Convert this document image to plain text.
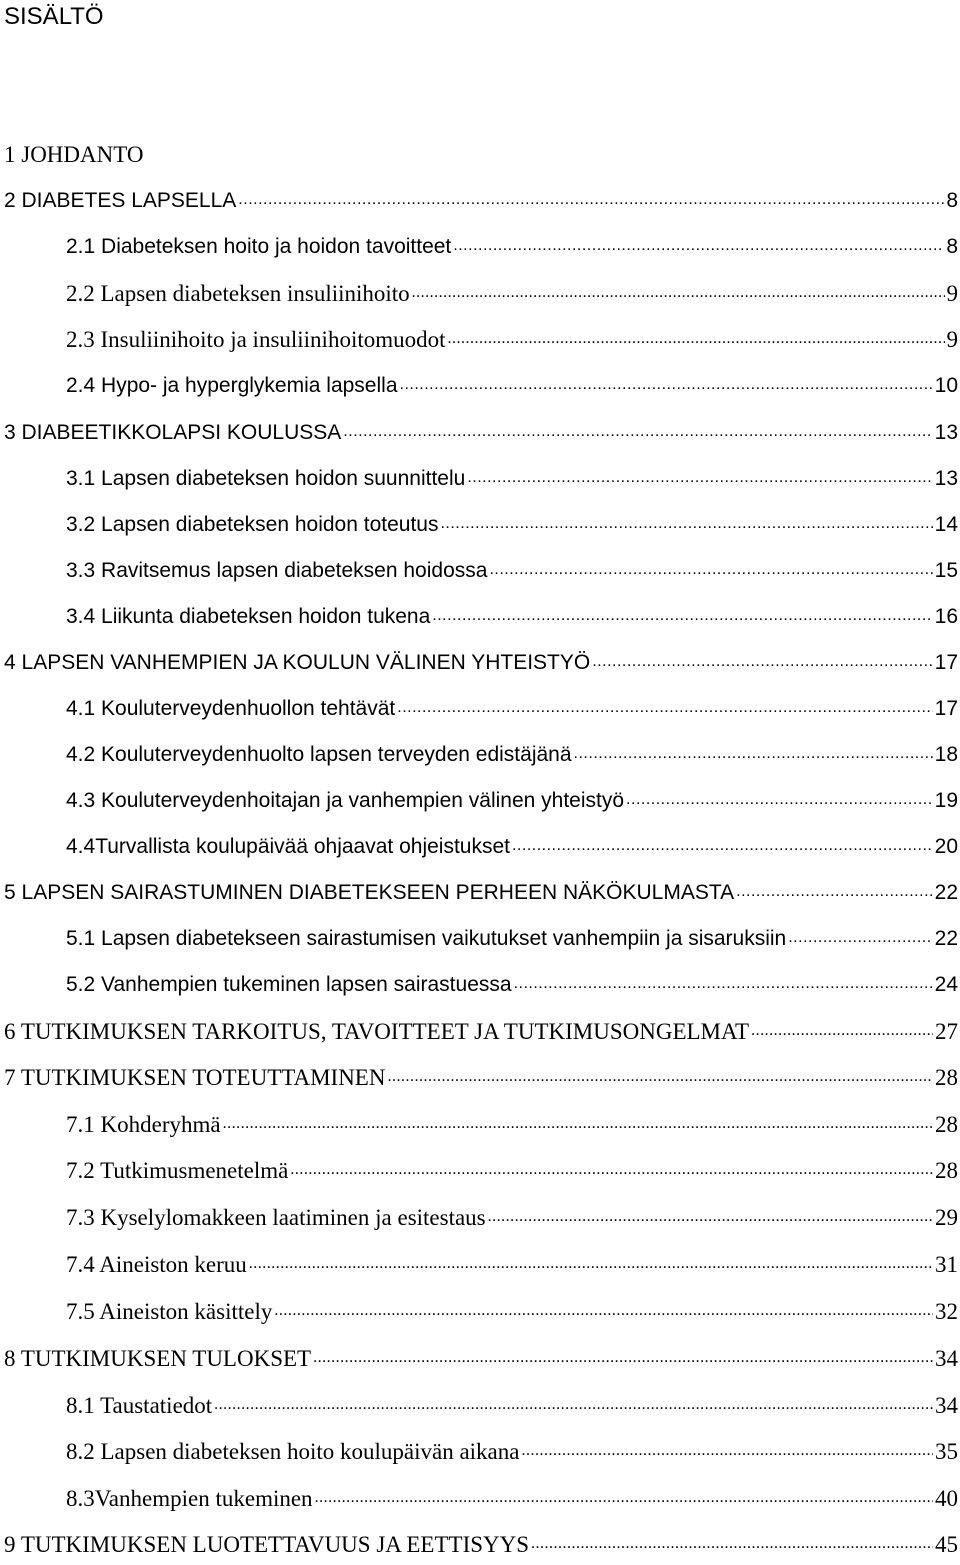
SISÄLTÖ
1 JOHDANTO
2 DIABETES LAPSELLA .....	8
2.1 Diabeteksen hoito ja hoidon tavoitteet .....	8
2.2 Lapsen diabeteksen insuliinihoito .....	9
2.3 Insuliinihoito ja insuliinihoitomuodot .....	9
2.4 Hypo- ja hyperglykemia lapsella .....	10
3 DIABEETIKKOLAPSI KOULUSSA .....	13
3.1 Lapsen diabeteksen hoidon suunnittelu .....	13
3.2 Lapsen diabeteksen hoidon toteutus .....	14
3.3 Ravitsemus lapsen diabeteksen hoidossa .....	15
3.4 Liikunta diabeteksen hoidon tukena .....	16
4 LAPSEN VANHEMPIEN JA KOULUN VÄLINEN YHTEISTYÖ .....	17
4.1 Kouluterveydenhuollon tehtävät .....	17
4.2 Kouluterveydenhuolto lapsen terveyden edistäjänä .....	18
4.3 Kouluterveydenhoitajan ja vanhempien välinen yhteistyö .....	19
4.4Turvallista koulupäivää ohjaavat ohjeistukset .....	20
5 LAPSEN SAIRASTUMINEN DIABETEKSEEN PERHEEN NÄKÖKULMASTA .....	22
5.1 Lapsen diabetekseen sairastumisen vaikutukset vanhempiin ja sisaruksiin .....	22
5.2 Vanhempien tukeminen lapsen sairastuessa .....	24
6 TUTKIMUKSEN TARKOITUS, TAVOITTEET JA TUTKIMUSONGELMAT .....	27
7 TUTKIMUKSEN TOTEUTTAMINEN .....	28
7.1 Kohderyhmä .....	28
7.2 Tutkimusmenetelmä .....	28
7.3 Kyselylomakkeen laatiminen ja esitestaus .....	29
7.4 Aineiston keruu .....	31
7.5 Aineiston käsittely .....	32
8 TUTKIMUKSEN TULOKSET .....	34
8.1 Taustatiedot .....	34
8.2 Lapsen diabeteksen hoito koulupäivän aikana .....	35
8.3Vanhempien tukeminen .....	40
9 TUTKIMUKSEN LUOTETTAVUUS JA EETTISYYS .....	45
